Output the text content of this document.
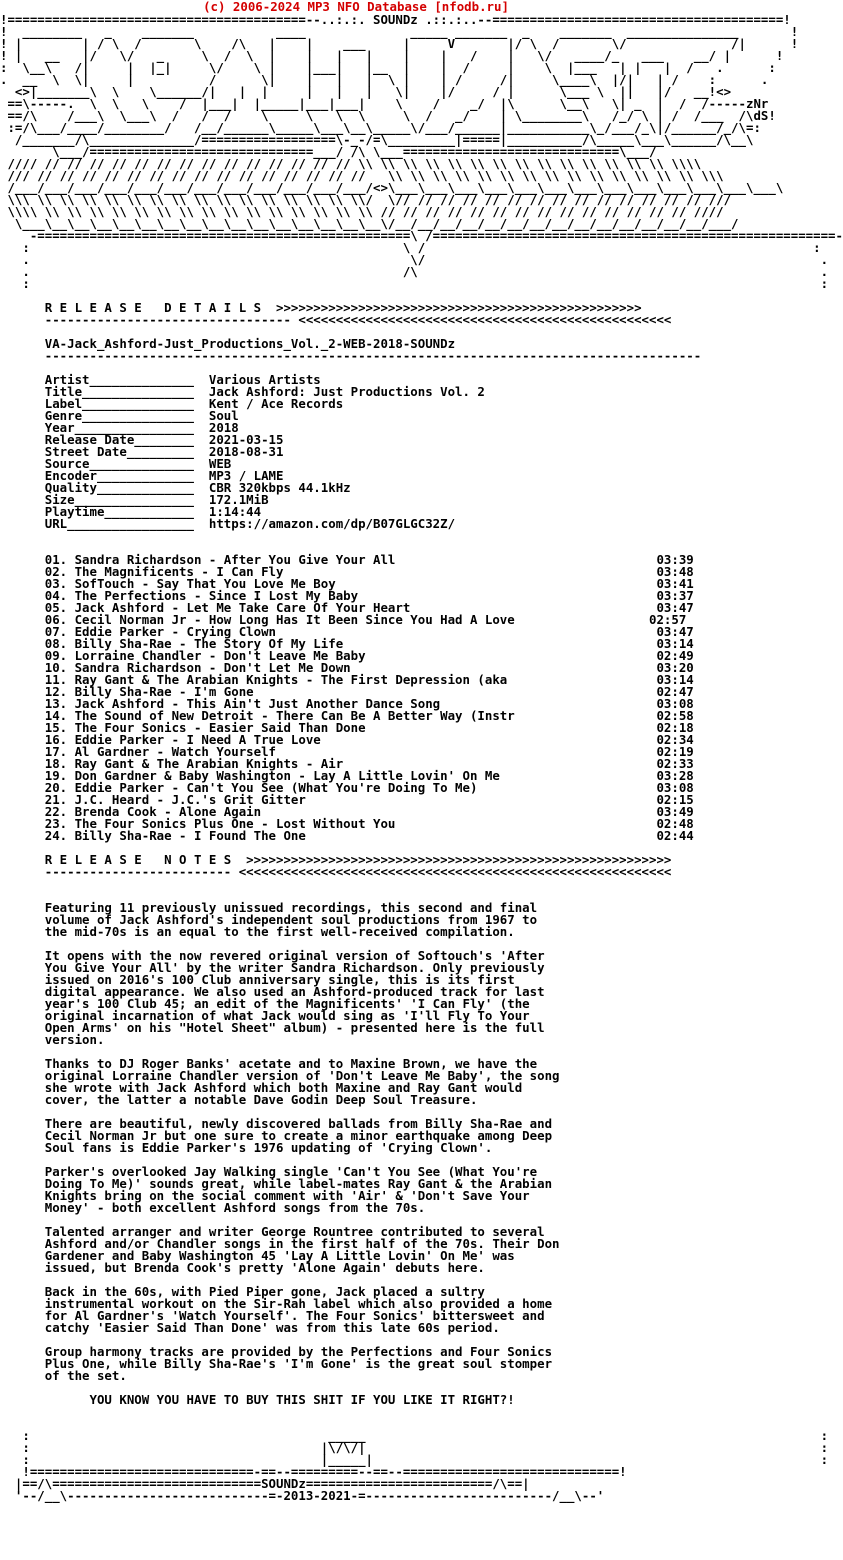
(c) 2006-2024 MP3 NFO Database [nfodb.ru]
!========================================--..:.:. SOUNDz .::.:..--=======================================!
!  ________   _    _______           ____              _____ _______  _    _______  _______________       !
! |        | / \  /       \    /\   |    |    ___     |     V       |/ \  /       \/              /|      !
! |   __   |/   \/   _     \  /  \  |    |   |   |    |    |   /    |   \/   ____/_   ___    __/ |      !
:  \__\   /|     |  |_|     \/    \ |    |___|   |__  |    |  /     |    \  |___   | |   |  /   .      :
.  __  \  \|     |          /      \|    |   |   |  \ |    | /     /|     \____\  |/|   | /    :      .
<>|_______\  \    \______/|   |  |     |   |   |   \|    |/     / |      \___ \  ||   |/   __!<>
==\-----.  \  \   \    /  |___|  |_____|___|___|    \    /    _/  |\      \__\   \| _  |  /  /-----zNr
==/\    /___\  \___\  /   /  /    \     \   \  \     \  /   _/    | \________\   /_/ \ | /  /___  /\dS!
:=/\___/____/________/   /__/______\_____\___\__\_____\/___/______|___________\_/___/_\|/______/_/\=:
/_______/\______________/==================\-_-/=\_________|=====|__________/\_____\___\______/\__\
\___/==============================___/ /\ \___=============================\___/
//// // // // // // // // // // // // // // // \\ \\ \\ \\ \\ \\ \\ \\ \\ \\ \\ \\ \\ \\ \\\\
/// // // // // // // // // // // // // // // //   \\ \\ \\ \\ \\ \\ \\ \\ \\ \\ \\ \\ \\ \\ \\\
/___/___/___/___/___/___/___/___/___/___/___/___/<>\___\___\___\___\___\___\___\___\___\___\___\___\___\
\\\ \\ \\ \\ \\ \\ \\ \\ \\ \\ \\ \\ \\ \\ \\ \\/  \// // // // // // // // // // // // // // ///
\\\\ \\ \\ \\ \\ \\ \\ \\ \\ \\ \\ \\ \\ \\ \\ \\ // // // // // // // // // // // // // // ////
\___\__\__\__\__\__\__\__\__\__\__\__\__\__\__\__\/__/__/__/__/__/__/__/__/__/__/__/__/__/__/___/
-==================================================\ /======================================================-
:                                                  \ /                                                    :
.                                                   \/                                                     .
.                                                  /\                                                      .
:                                                                                                          :

R E L E A S E   D E T A I L S  >>>>>>>>>>>>>>>>>>>>>>>>>>>>>>>>>>>>>>>>>>>>>>>>>
--------------------------------- <<<<<<<<<<<<<<<<<<<<<<<<<<<<<<<<<<<<<<<<<<<<<<<<<<

VA-Jack_Ashford-Just_Productions_Vol._2-WEB-2018-SOUNDz
----------------------------------------------------------------------------------------

Artist______________  Various Artists
Title_______________  Jack Ashford: Just Productions Vol. 2
Label_______________  Kent / Ace Records
Genre_______________  Soul
Year________________  2018
Release Date________  2021-03-15
Street Date_________  2018-08-31
Source______________  WEB
Encoder_____________  MP3 / LAME
Quality_____________  CBR 320kbps 44.1kHz
Size________________  172.1MiB
Playtime____________  1:14:44
URL_________________  https://amazon.com/dp/B07GLGC32Z/

01. Sandra Richardson - After You Give Your All                                   03:39
02. The Magnificents - I Can Fly                                                  03:48
03. SofTouch - Say That You Love Me Boy                                           03:41
04. The Perfections - Since I Lost My Baby                                        03:37
05. Jack Ashford - Let Me Take Care Of Your Heart                                 03:47
06. Cecil Norman Jr - How Long Has It Been Since You Had A Love                  02:57
07. Eddie Parker - Crying Clown                                                   03:47
08. Billy Sha-Rae - The Story Of My Life                                          03:14
09. Lorraine Chandler - Don't Leave Me Baby                                       02:49
10. Sandra Richardson - Don't Let Me Down                                         03:20
11. Ray Gant & The Arabian Knights - The First Depression (aka                    03:14
12. Billy Sha-Rae - I'm Gone                                                      02:47
13. Jack Ashford - This Ain't Just Another Dance Song                             03:08
14. The Sound of New Detroit - There Can Be A Better Way (Instr                   02:58
15. The Four Sonics - Easier Said Than Done                                       02:18
16. Eddie Parker - I Need A True Love                                             02:34
17. Al Gardner - Watch Yourself                                                   02:19
18. Ray Gant & The Arabian Knights - Air                                          02:33
19. Don Gardner & Baby Washington - Lay A Little Lovin' On Me                     03:28
20. Eddie Parker - Can't You See (What You're Doing To Me)                        03:08
21. J.C. Heard - J.C.'s Grit Gitter                                               02:15
22. Brenda Cook - Alone Again                                                     03:49
23. The Four Sonics Plus One - Lost Without You                                   02:48
24. Billy Sha-Rae - I Found The One                                               02:44

R E L E A S E   N O T E S  >>>>>>>>>>>>>>>>>>>>>>>>>>>>>>>>>>>>>>>>>>>>>>>>>>>>>>>>>
------------------------- <<<<<<<<<<<<<<<<<<<<<<<<<<<<<<<<<<<<<<<<<<<<<<<<<<<<<<<<<<

Featuring 11 previously unissued recordings, this second and final
volume of Jack Ashford's independent soul productions from 1967 to
the mid-70s is an equal to the first well-received compilation.

It opens with the now revered original version of Softouch's 'After
You Give Your All' by the writer Sandra Richardson. Only previously
issued on 2016's 100 Club anniversary single, this is its first
digital appearance. We also used an Ashford-produced track for last
year's 100 Club 45; an edit of the Magnificents' 'I Can Fly' (the
original incarnation of what Jack would sing as 'I'll Fly To Your
Open Arms' on his "Hotel Sheet" album) - presented here is the full
version.

Thanks to DJ Roger Banks' acetate and to Maxine Brown, we have the
original Lorraine Chandler version of 'Don't Leave Me Baby', the song
she wrote with Jack Ashford which both Maxine and Ray Gant would
cover, the latter a notable Dave Godin Deep Soul Treasure.

There are beautiful, newly discovered ballads from Billy Sha-Rae and
Cecil Norman Jr but one sure to create a minor earthquake among Deep
Soul fans is Eddie Parker's 1976 updating of 'Crying Clown'.

Parker's overlooked Jay Walking single 'Can't You See (What You're
Doing To Me)' sounds great, while label-mates Ray Gant & the Arabian
Knights bring on the social comment with 'Air' & 'Don't Save Your
Money' - both excellent Ashford songs from the 70s.

Talented arranger and writer George Rountree contributed to several
Ashford and/or Chandler songs in the first half of the 70s. Their Don
Gardener and Baby Washington 45 'Lay A Little Lovin' On Me' was
issued, but Brenda Cook's pretty 'Alone Again' debuts here.

Back in the 60s, with Pied Piper gone, Jack placed a sultry
instrumental workout on the Sir-Rah label which also provided a home
for Al Gardner's 'Watch Yourself'. The Four Sonics' bittersweet and
catchy 'Easier Said Than Done' was from this late 60s period.

Group harmony tracks are provided by the Perfections and Four Sonics
Plus One, while Billy Sha-Rae's 'I'm Gone' is the great soul stomper
of the set.

YOU KNOW YOU HAVE TO BUY THIS SHIT IF YOU LIKE IT RIGHT?!

:                                        _____                                                             :
:                                       |\/\/|                                                             :
:                                       |_____|                                                            :
!==============================-==--=========--==--=============================!
|==/\============================SOUNDz=========================/\==|
'--/__\---------------------------=-2013-2021-=-------------------------/__\--'
